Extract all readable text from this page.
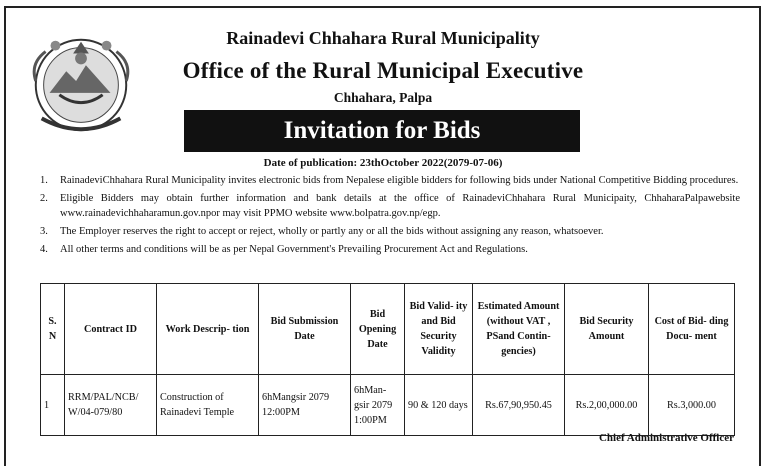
Rainadevi Chhahara Rural Municipality
Office of the Rural Municipal Executive
Chhahara, Palpa
Invitation for Bids
Date of publication: 23thOctober 2022(2079-07-06)
1. RainadeviChhahara Rural Municipality invites electronic bids from Nepalese eligible bidders for following bids under National Competitive Bidding procedures.
2. Eligible Bidders may obtain further information and bank details at the office of RainadeviChhahara Rural Municipaity, ChhaharaPalpawebsite www.rainadevichhaharamun.gov.npor may visit PPMO website www.bolpatra.gov.np/egp.
3. The Employer reserves the right to accept or reject, wholly or partly any or all the bids without assigning any reason, whatsoever.
4. All other terms and conditions will be as per Nepal Government's Prevailing Procurement Act and Regulations.
S. N	Contract ID	Work Descrip- tion	Bid Submission Date	Bid Opening Date	Bid Valid- ity and Bid Security Validity	Estimated Amount (without VAT , PSand Contin- gencies)	Bid Security Amount	Cost of Bid- ding Docu- ment
1	RRM/PAL/NCB/ W/04-079/80	Construction of Rainadevi Temple	6hMangsir 2079 12:00PM	6hMan- gsir 2079 1:00PM	90 & 120 days	Rs.67,90,950.45	Rs.2,00,000.00	Rs.3,000.00
Chief Administrative Officer
